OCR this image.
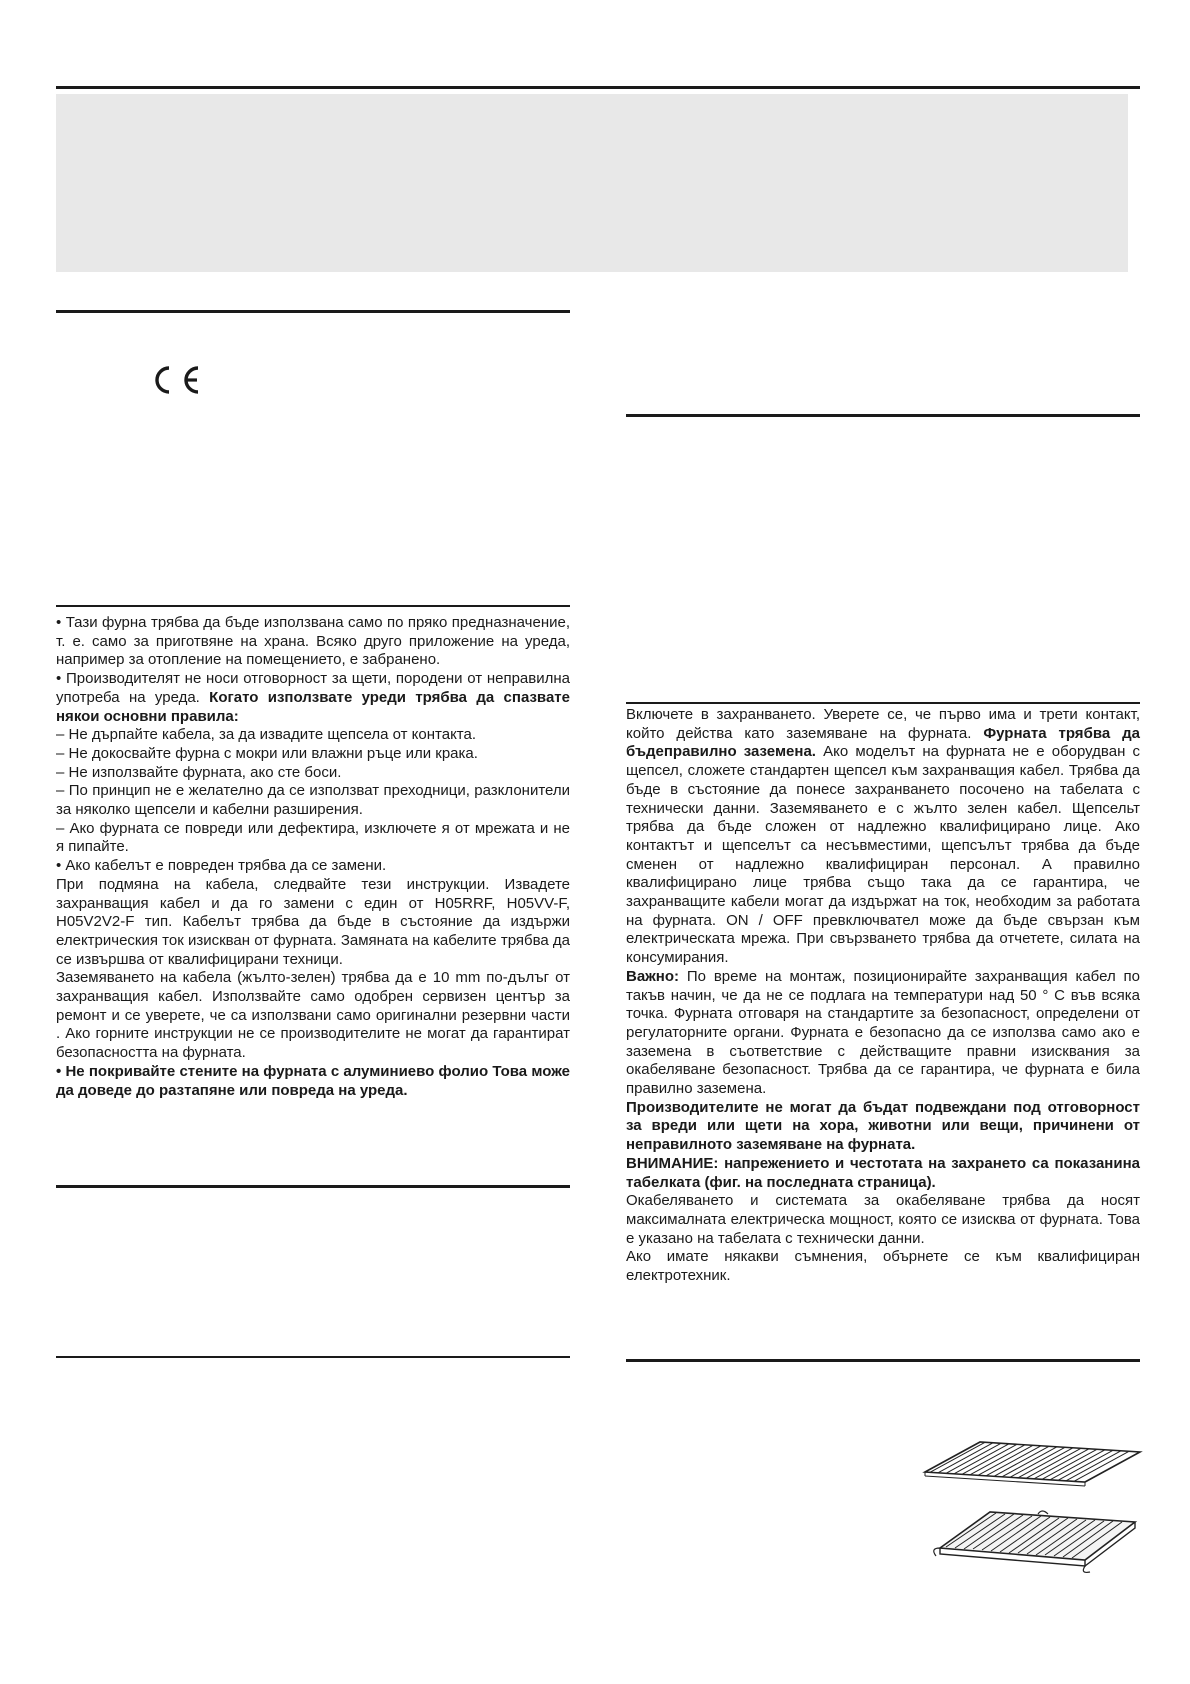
• Тази фурна трябва да бъде използвана само по пряко предназначение, т. е. само за приготвяне на храна. Всяко друго приложение на уреда, например за отопление на помещението, е забранено.

• Производителят не носи отговорност за щети, породени от неправилна употреба на уреда. Когато използвате уреди трябва да спазвате някои основни правила:

– Не дърпайте кабела, за да извадите щепсела от контакта.

– Не докосвайте фурна с мокри или влажни ръце или крака.

– Не използвайте фурната, ако сте боси.

– По принцип не е желателно да се използват преходници, разклонители за няколко щепсели и кабелни разширения.

– Ако фурната се повреди или дефектира, изключете я от мрежата и не я пипайте.

• Ако кабелът е повреден трябва да се замени.

При подмяна на кабела, следвайте тези инструкции. Извадете захранващия кабел и да го замени с един от H05RRF, H05VV-F, H05V2V2-F тип. Кабелът трябва да бъде в състояние да издържи електрическия ток изискван от фурната. Замяната на кабелите трябва да се извършва от квалифицирани техници.

Заземяването на кабела (жълто-зелен) трябва да е 10 mm по-дълъг от захранващия кабел. Използвайте само одобрен сервизен център за ремонт и се уверете, че са използвани само оригинални резервни части . Ако горните инструкции не се производителите не могат да гарантират безопасността на фурната.

• Не покривайте стените на фурната с алуминиево фолио Това може да доведе до разтапяне или повреда на уреда.

Включете в захранването. Уверете се, че първо има и трети контакт, който действа като заземяване на фурната. Фурната трябва да бъдеправилно заземена. Ако моделът на фурната не е оборудван с щепсел, сложете стандартен щепсел към захранващия кабел. Трябва да бъде в състояние да понесе захранването посочено на табелата с технически данни. Заземяването е с жълто зелен кабел. Щепсельт трябва да бъде сложен от надлежно квалифицирано лице. Ако контактът и щепселът са несъвместими, щепсълът трябва да бъде сменен от надлежно квалифициран персонал. А правилно квалифицирано лице трябва също така да се гарантира, че захранващите кабели могат да издържат на ток, необходим за работата на фурната. ON / OFF превключвател може да бъде свързан към електрическата мрежа. При свързването трябва да отчетете, силата на консумирания.

Важно: По време на монтаж, позиционирайте захранващия кабел по такъв начин, че да не се подлага на температури над 50 ° С във всяка точка. Фурната отговаря на стандартите за безопасност, определени от регулаторните органи. Фурната е безопасно да се използва само ако е заземена в съответствие с действащите правни изисквания за окабеляване безопасност. Трябва да се гарантира, че фурната е била правилно заземена.

Производителите не могат да бъдат подвеждани под отговорност за вреди или щети на хора, животни или вещи, причинени от неправилното заземяване на фурната.

ВНИМАНИЕ: напрежението и честотата на захрането са показанина табелката (фиг. на последната страница).

Окабеляването и системата за окабеляване трябва да носят максималната електрическа мощност, която се изисква от фурната. Това е указано на табелата с технически данни.

Ако имате някакви съмнения, обърнете се към квалифициран електротехник.
